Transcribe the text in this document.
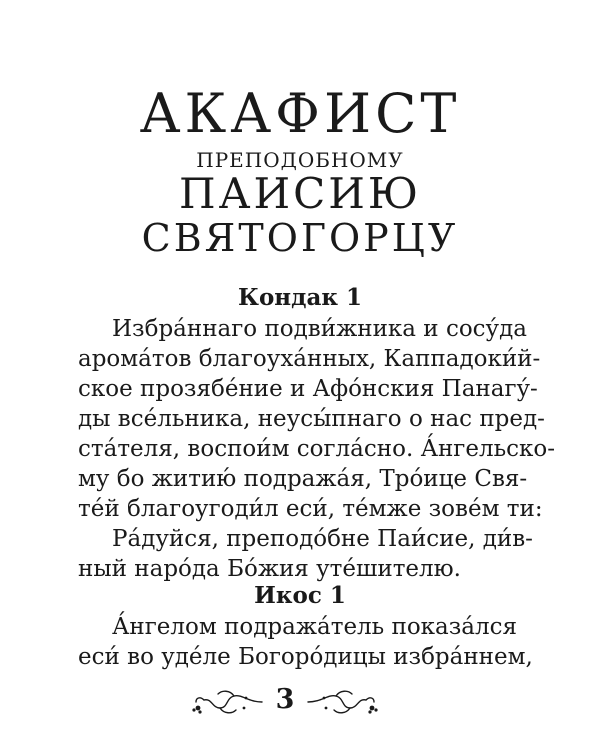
АКАФИСТ
ПРЕПОДОБНОМУ
ПАИСИЮ
СВЯТОГОРЦУ
Кондак 1
Избра́ннаго подви́жника и сосу́да
арома́тов благоуха́нных, Каппадоки́й-
ское прозябе́ние и Афо́нския Панагу́-
ды все́льника, неусы́пнаго о нас пред-
ста́теля, воспои́м согла́сно. А́нгельско-
му бо житию́ подража́я, Тро́ице Свя-
те́й благоугоди́л еси́, те́мже зове́м ти:
Ра́дуйся, преподо́бне Паи́сие, ди́в-
ный наро́да Бо́жия уте́шителю.
Икос 1
А́нгелом подража́тель показа́лся
еси́ во уде́ле Богоро́дицы избра́ннем,
3
